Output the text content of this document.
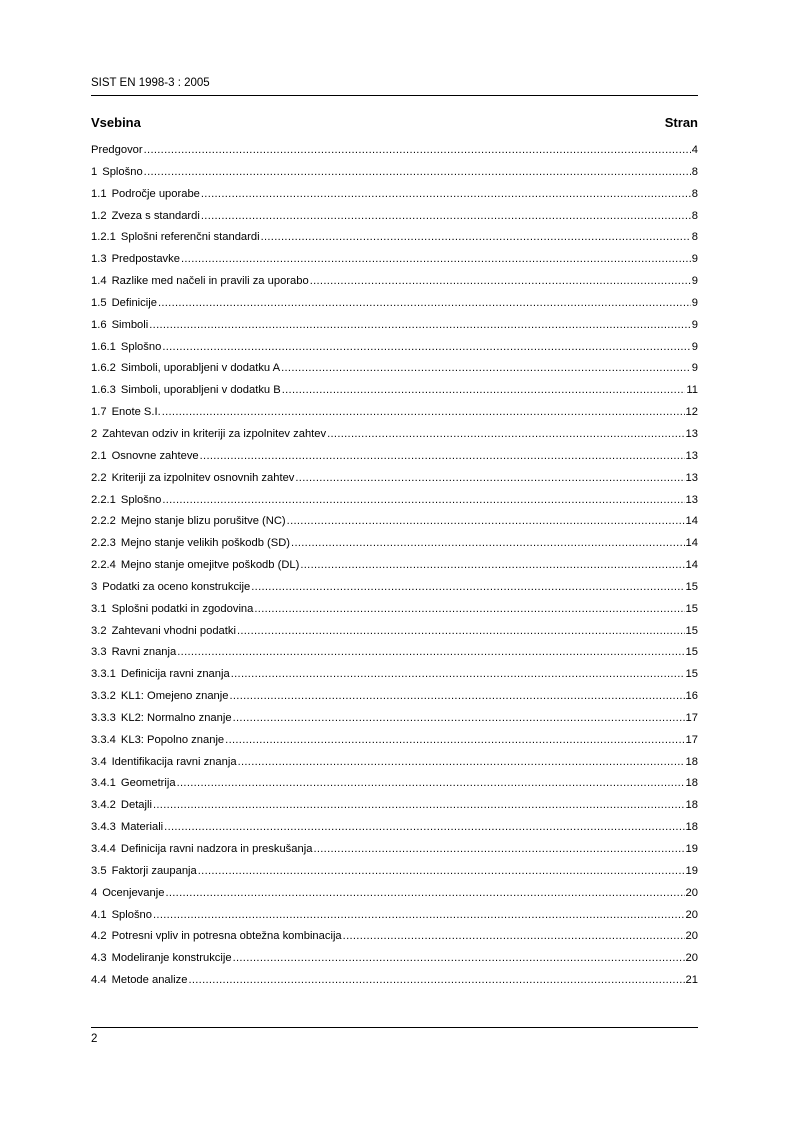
SIST EN 1998-3 : 2005
Vsebina	Stran
Predgovor .....	4
1 Splošno .....	8
1.1 Področje uporabe .....	8
1.2 Zveza s standardi .....	8
1.2.1 Splošni referenčni standardi .....	8
1.3 Predpostavke .....	9
1.4 Razlike med načeli in pravili za uporabo .....	9
1.5 Definicije .....	9
1.6 Simboli .....	9
1.6.1 Splošno .....	9
1.6.2 Simboli, uporabljeni v dodatku A .....	9
1.6.3 Simboli, uporabljeni v dodatku B .....	11
1.7 Enote S.I. .....	12
2 Zahtevan odziv in kriteriji za izpolnitev zahtev .....	13
2.1 Osnovne zahteve .....	13
2.2 Kriteriji za izpolnitev osnovnih zahtev .....	13
2.2.1 Splošno .....	13
2.2.2 Mejno stanje blizu porušitve (NC) .....	14
2.2.3 Mejno stanje velikih poškodb (SD) .....	14
2.2.4 Mejno stanje omejitve poškodb (DL) .....	14
3 Podatki za oceno konstrukcije .....	15
3.1 Splošni podatki in zgodovina .....	15
3.2 Zahtevani vhodni podatki .....	15
3.3 Ravni znanja .....	15
3.3.1 Definicija ravni znanja .....	15
3.3.2 KL1: Omejeno znanje .....	16
3.3.3 KL2: Normalno znanje .....	17
3.3.4 KL3: Popolno znanje .....	17
3.4 Identifikacija ravni znanja .....	18
3.4.1 Geometrija .....	18
3.4.2 Detajli .....	18
3.4.3 Materiali .....	18
3.4.4 Definicija ravni nadzora in preskušanja .....	19
3.5 Faktorji zaupanja .....	19
4 Ocenjevanje .....	20
4.1 Splošno .....	20
4.2 Potresni vpliv in potresna obtežna kombinacija .....	20
4.3 Modeliranje konstrukcije .....	20
4.4 Metode analize .....	21
2
